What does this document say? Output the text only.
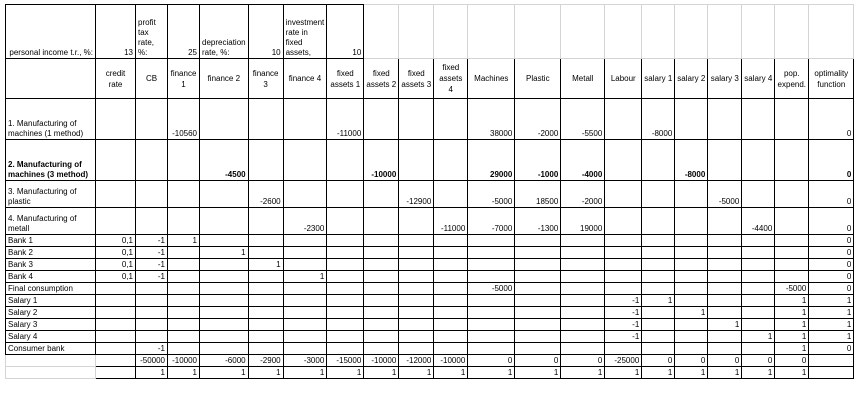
personal income t.r., %:	13	profit tax rate, %:	25	depreciation rate, %:	10	investment rate in fixed assets,	10													
	credit rate	CB	finance 1	finance 2	finance 3	finance 4	fixed assets 1	fixed assets 2	fixed assets 3	fixed assets 4	Machines	Plastic	Metall	Labour	salary 1	salary 2	salary 3	salary 4	pop. expend.	optimality function
1. Manufacturing of machines (1 method)			-10560				-11000				38000	-2000	-5500		-8000					0
2. Manufacturing of machines (3 method)				-4500				-10000			29000	-1000	-4000			-8000				0
3. Manufacturing of plastic					-2600				-12900		-5000	18500	-2000				-5000			0
4. Manufacturing of metall						-2300				-11000	-7000	-1300	19000					-4400		0
Bank 1	0,1	-1	1																	0
Bank 2	0,1	-1		1																0
Bank 3	0,1	-1			1															0
Bank 4	0,1	-1				1														0
Final consumption											-5000								-5000	0
Salary 1														-1	1				1	1
Salary 2														-1		1			1	1
Salary 3														-1			1		1	1
Salary 4														-1				1	1	1
Consumer bank		-1																	1	0
		-50000	-10000	-6000	-2900	-3000	-15000	-10000	-12000	-10000	0	0	0	-25000	0	0	0	0	0	
		1	1	1	1	1	1	1	1	1	1	1	1	1	1	1	1	1	1	
